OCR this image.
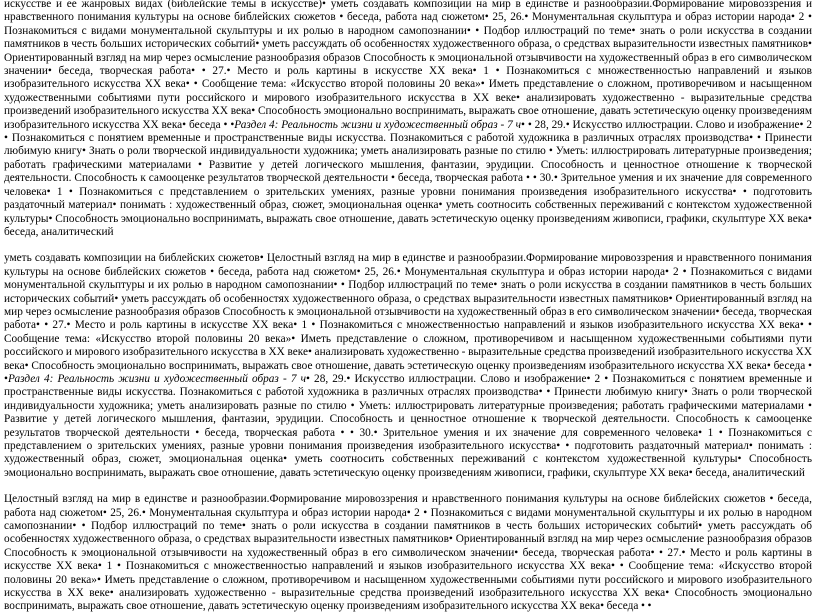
искусстве и ее жанровых видах (библейские темы в искусстве)• уметь создавать композиции на мир в единстве и разнообразии.Формирование мировоззрения и нравственного понимания культуры на основе библейских сюжетов • беседа, работа над сюжетом• 25, 26.• Монументальная скульптура и образ истории народа• 2 • Познакомиться с видами монументальной скульптуры и их ролью в народном самопознании• • Подбор иллюстраций по теме• знать о роли искусства в создании памятников в честь больших исторических событий• уметь рассуждать об особенностях художественного образа, о средствах выразительности известных памятников• Ориентированный взгляд на мир через осмысление разнообразия образов Способность к эмоциональной отзывчивости на художественный образ в его символическом значении• беседа, творческая работа• • 27.• Место и роль картины в искусстве ХХ века• 1 • Познакомиться с множественностью направлений и языков изобразительного искусства ХХ века• • Сообщение тема: «Искусство второй половины 20 века»• Иметь представление о сложном, противоречивом и насыщенном художественными событиями пути российского и мирового изобразительного искусства в ХХ веке• анализировать художественно - выразительные средства произведений изобразительного искусства ХХ века• Способность эмоционально воспринимать, выражать свое отношение, давать эстетическую оценку произведениям изобразительного искусства ХХ века• беседа • •Раздел 4: Реальность жизни и художественный образ - 7 ч• • 28, 29.• Искусство иллюстрации. Слово и изображение• 2 • Познакомиться с понятием временные и пространственные виды искусства. Познакомиться с работой художника в различных отраслях производства• • Принести любимую книгу• Знать о роли творческой индивидуальности художника; уметь анализировать разные по стилю • Уметь: иллюстрировать литературные произведения; работать графическими материалами • Развитие у детей логического мышления, фантазии, эрудиции. Способность и ценностное отношение к творческой деятельности. Способность к самооценке результатов творческой деятельности • беседа, творческая работа • • 30.• Зрительное умения и их значение для современного человека• 1 • Познакомиться с представлением о зрительских умениях, разные уровни понимания произведения изобразительного искусства• • подготовить раздаточный материал• понимать : художественный образ, сюжет, эмоциональная оценка• уметь соотносить собственных переживаний с контекстом художественной культуры• Способность эмоционально воспринимать, выражать свое отношение, давать эстетическую оценку произведениям живописи, графики, скульптуре ХХ века• беседа, аналитический

уметь создавать композиции на библейских сюжетов• Целостный взгляд на мир в единстве и разнообразии.Формирование мировоззрения и нравственного понимания культуры на основе библейских сюжетов • беседа, работа над сюжетом• 25, 26.• Монументальная скульптура и образ истории народа• 2 • Познакомиться с видами монументальной скульптуры и их ролью в народном самопознании• • Подбор иллюстраций по теме• знать о роли искусства в создании памятников в честь больших исторических событий• уметь рассуждать об особенностях художественного образа, о средствах выразительности известных памятников• Ориентированный взгляд на мир через осмысление разнообразия образов Способность к эмоциональной отзывчивости на художественный образ в его символическом значении• беседа, творческая работа• • 27.• Место и роль картины в искусстве ХХ века• 1 • Познакомиться с множественностью направлений и языков изобразительного искусства ХХ века• • Сообщение тема: «Искусство второй половины 20 века»• Иметь представление о сложном, противоречивом и насыщенном художественными событиями пути российского и мирового изобразительного искусства в ХХ веке• анализировать художественно - выразительные средства произведений изобразительного искусства ХХ века• Способность эмоционально воспринимать, выражать свое отношение, давать эстетическую оценку произведениям изобразительного искусства ХХ века• беседа • •Раздел 4: Реальность жизни и художественный образ - 7 ч• 28, 29.• Искусство иллюстрации. Слово и изображение• 2 • Познакомиться с понятием временные и пространственные виды искусства. Познакомиться с работой художника в различных отраслях производства• • Принести любимую книгу• Знать о роли творческой индивидуальности художника; уметь анализировать разные по стилю • Уметь: иллюстрировать литературные произведения; работать графическими материалами • Развитие у детей логического мышления, фантазии, эрудиции. Способность и ценностное отношение к творческой деятельности. Способность к самооценке результатов творческой деятельности • беседа, творческая работа • • 30.• Зрительное умения и их значение для современного человека• 1 • Познакомиться с представлением о зрительских умениях, разные уровни понимания произведения изобразительного искусства• • подготовить раздаточный материал• понимать : художественный образ, сюжет, эмоциональная оценка• уметь соотносить собственных переживаний с контекстом художественной культуры• Способность эмоционально воспринимать, выражать свое отношение, давать эстетическую оценку произведениям живописи, графики, скульптуре ХХ века• беседа, аналитический

Целостный взгляд на мир в единстве и разнообразии.Формирование мировоззрения и нравственного понимания культуры на основе библейских сюжетов • беседа, работа над сюжетом• 25, 26.• Монументальная скульптура и образ истории народа• 2 • Познакомиться с видами монументальной скульптуры и их ролью в народном самопознании• • Подбор иллюстраций по теме• знать о роли искусства в создании памятников в честь больших исторических событий• уметь рассуждать об особенностях художественного образа, о средствах выразительности известных памятников• Ориентированный взгляд на мир через осмысление разнообразия образов Способность к эмоциональной отзывчивости на художественный образ в его символическом значении• беседа, творческая работа• • 27.• Место и роль картины в искусстве ХХ века• 1 • Познакомиться с множественностью направлений и языков изобразительного искусства ХХ века• • Сообщение тема: «Искусство второй половины 20 века»• Иметь представление о сложном, противоречивом и насыщенном художественными событиями пути российского и мирового изобразительного искусства в ХХ веке• анализировать художественно - выразительные средства произведений изобразительного искусства ХХ века• Способность эмоционально воспринимать, выражать свое отношение, давать эстетическую оценку произведениям изобразительного искусства ХХ века• беседа • •
